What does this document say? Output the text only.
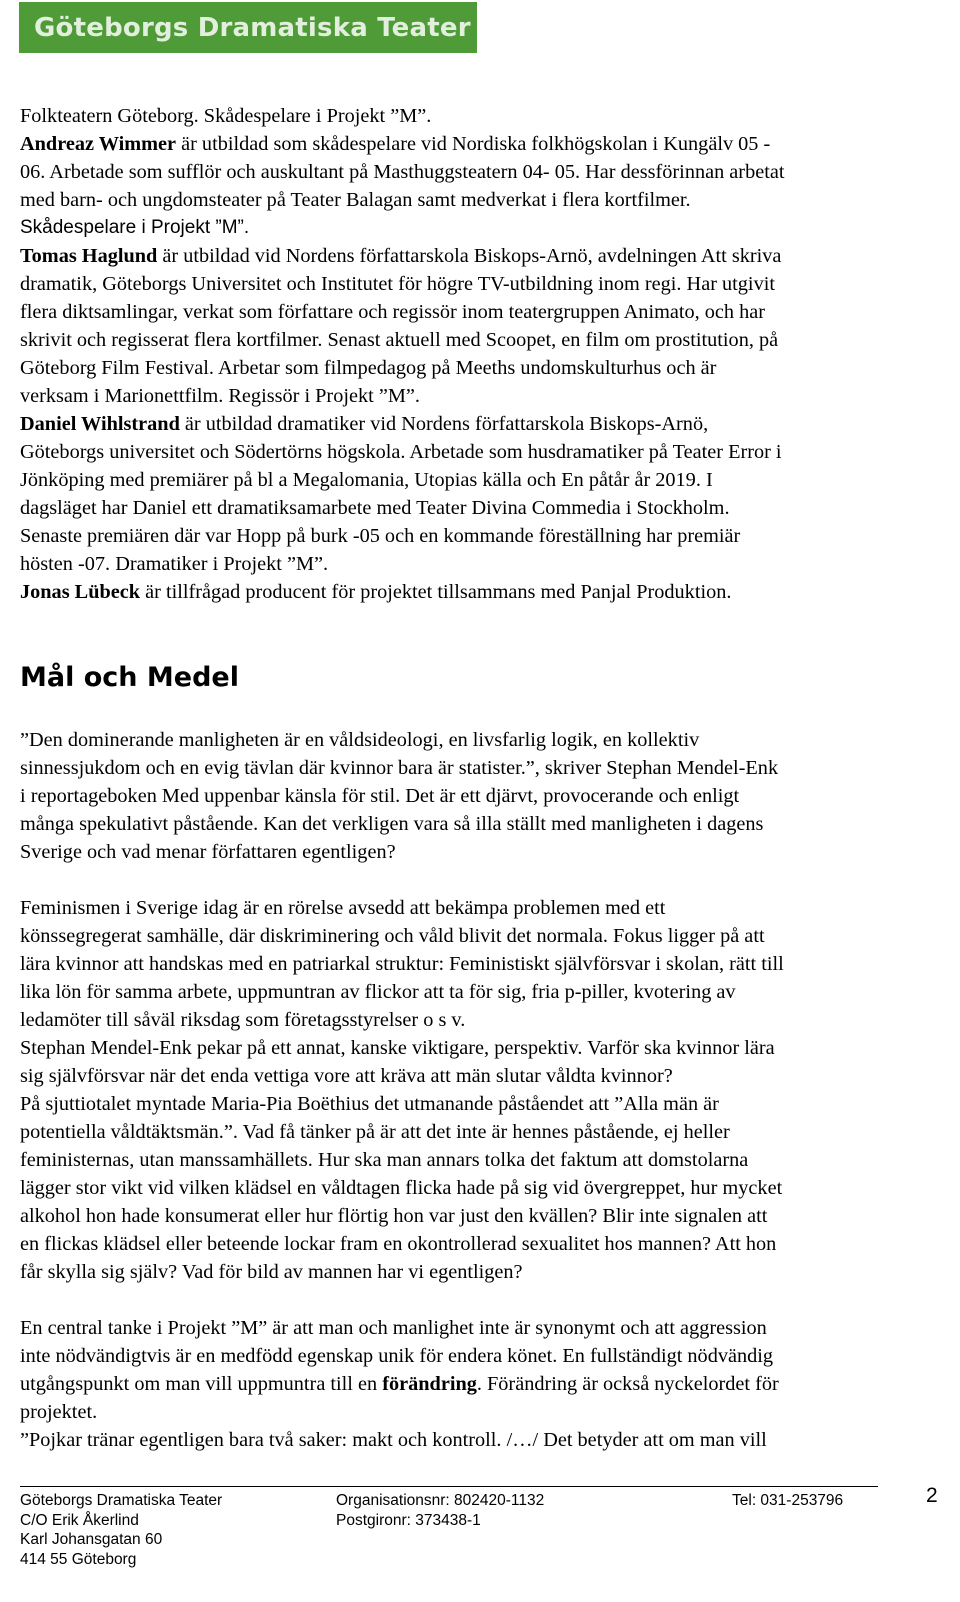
Göteborgs Dramatiska Teater
Folkteatern Göteborg. Skådespelare i Projekt ”M”.
Andreaz Wimmer är utbildad som skådespelare vid Nordiska folkhögskolan i Kungälv 05 -
06. Arbetade som sufflör och auskultant på Masthuggsteatern 04- 05. Har dessförinnan arbetat
med barn- och ungdomsteater på Teater Balagan samt medverkat i flera kortfilmer.
Skådespelare i Projekt ”M”.
Tomas Haglund är utbildad vid Nordens författarskola Biskops-Arnö, avdelningen Att skriva
dramatik, Göteborgs Universitet och Institutet för högre TV-utbildning inom regi. Har utgivit
flera diktsamlingar, verkat som författare och regissör inom teatergruppen Animato, och har
skrivit och regisserat flera kortfilmer. Senast aktuell med Scoopet, en film om prostitution, på
Göteborg Film Festival. Arbetar som filmpedagog på Meeths undomskulturhus och är
verksam i Marionettfilm. Regissör i Projekt ”M”.
Daniel Wihlstrand är utbildad dramatiker vid Nordens författarskola Biskops-Arnö,
Göteborgs universitet och Södertörns högskola. Arbetade som husdramatiker på Teater Error i
Jönköping med premiärer på bl a Megalomania, Utopias källa och En påtår år 2019. I
dagsläget har Daniel ett dramatiksamarbete med Teater Divina Commedia i Stockholm.
Senaste premiären där var Hopp på burk -05 och en kommande föreställning har premiär
hösten -07. Dramatiker i Projekt ”M”.
Jonas Lübeck är tillfrågad producent för projektet tillsammans med Panjal Produktion.
Mål och Medel
”Den dominerande manligheten är en våldsideologi, en livsfarlig logik, en kollektiv
sinnessjukdom och en evig tävlan där kvinnor bara är statister.”, skriver Stephan Mendel-Enk
i reportageboken Med uppenbar känsla för stil. Det är ett djärvt, provocerande och enligt
många spekulativt påstående. Kan det verkligen vara så illa ställt med manligheten i dagens
Sverige och vad menar författaren egentligen?
Feminismen i Sverige idag är en rörelse avsedd att bekämpa problemen med ett
könssegregerat samhälle, där diskriminering och våld blivit det normala. Fokus ligger på att
lära kvinnor att handskas med en patriarkal struktur: Feministiskt självförsvar i skolan, rätt till
lika lön för samma arbete, uppmuntran av flickor att ta för sig, fria p-piller, kvotering av
ledamöter till såväl riksdag som företagsstyrelser o s v.
Stephan Mendel-Enk pekar på ett annat, kanske viktigare, perspektiv. Varför ska kvinnor lära
sig självförsvar när det enda vettiga vore att kräva att män slutar våldta kvinnor?
På sjuttiotalet myntade Maria-Pia Boëthius det utmanande påståendet att ”Alla män är
potentiella våldtäktsmän.”. Vad få tänker på är att det inte är hennes påstående, ej heller
feministernas, utan manssamhällets. Hur ska man annars tolka det faktum att domstolarna
lägger stor vikt vid vilken klädsel en våldtagen flicka hade på sig vid övergreppet, hur mycket
alkohol hon hade konsumerat eller hur flörtig hon var just den kvällen? Blir inte signalen att
en flickas klädsel eller beteende lockar fram en okontrollerad sexualitet hos mannen? Att hon
får skylla sig själv? Vad för bild av mannen har vi egentligen?
En central tanke i Projekt ”M” är att man och manlighet inte är synonymt och att aggression
inte nödvändigtvis är en medfödd egenskap unik för endera könet. En fullständigt nödvändig
utgångspunkt om man vill uppmuntra till en förändring. Förändring är också nyckelordet för
projektet.
”Pojkar tränar egentligen bara två saker: makt och kontroll. /…/ Det betyder att om man vill
Göteborgs Dramatiska Teater
C/O Erik Åkerlind
Karl Johansgatan 60
414 55 Göteborg
Organisationsnr: 802420-1132
Postgironr: 373438-1
Tel: 031-253796	2
